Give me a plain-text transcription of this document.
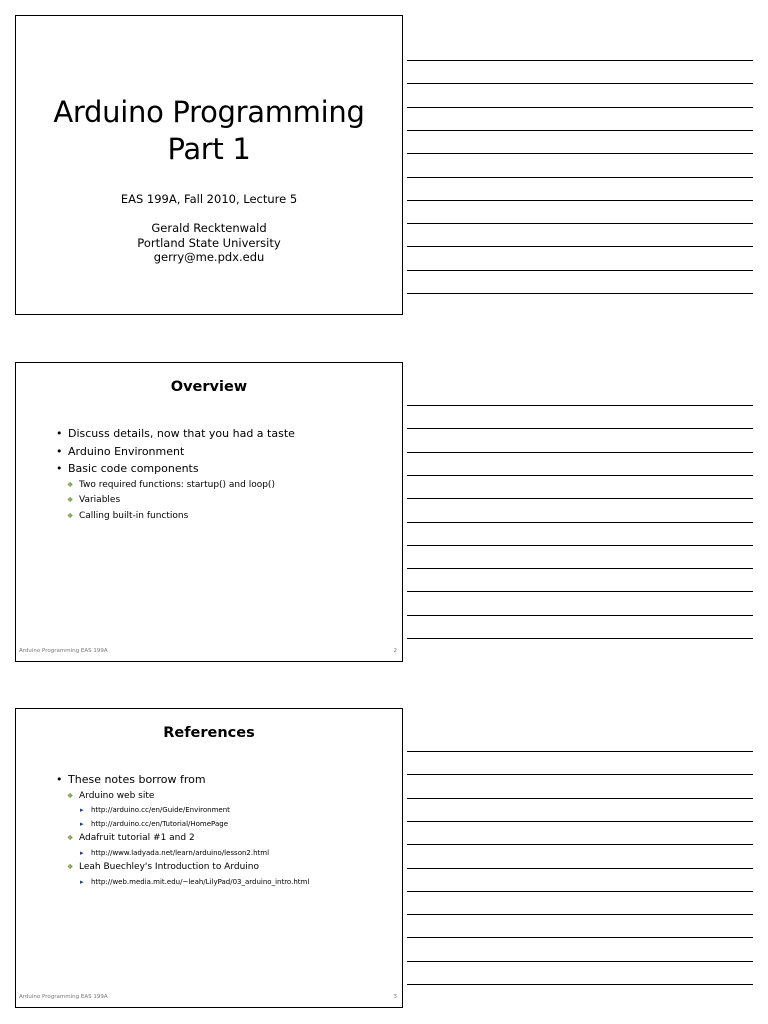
Arduino Programming
Part 1
EAS 199A, Fall 2010, Lecture 5
Gerald Recktenwald
Portland State University
gerry@me.pdx.edu
Overview
• Discuss details, now that you had a taste
• Arduino Environment
• Basic code components
❖ Two required functions: startup() and loop()
❖ Variables
❖ Calling built-in functions
Arduino Programming EAS 199A	2
References
• These notes borrow from
❖ Arduino web site
▸ http://arduino.cc/en/Guide/Environment
▸ http://arduino.cc/en/Tutorial/HomePage
❖ Adafruit tutorial #1 and 2
▸ http://www.ladyada.net/learn/arduino/lesson2.html
❖ Leah Buechley's Introduction to Arduino
▸ http://web.media.mit.edu/~leah/LilyPad/03_arduino_intro.html
Arduino Programming EAS 199A	3
